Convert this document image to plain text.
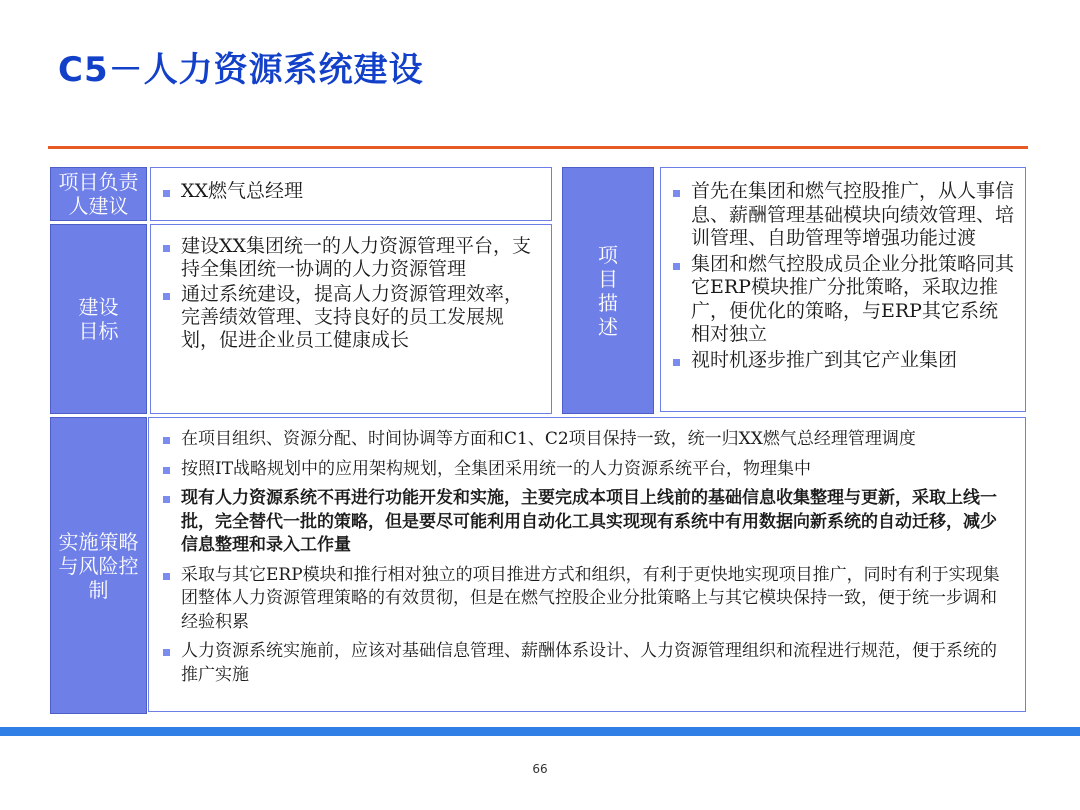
C5－人力资源系统建设
项目负责人建议
XX燃气总经理
建设目标
建设XX集团统一的人力资源管理平台，支持全集团统一协调的人力资源管理
通过系统建设，提高人力资源管理效率，完善绩效管理、支持良好的员工发展规划，促进企业员工健康成长
项目描述
首先在集团和燃气控股推广，从人事信息、薪酬管理基础模块向绩效管理、培训管理、自助管理等增强功能过渡
集团和燃气控股成员企业分批策略同其它ERP模块推广分批策略，采取边推广，便优化的策略，与ERP其它系统相对独立
视时机逐步推广到其它产业集团
实施策略与风险控制
在项目组织、资源分配、时间协调等方面和C1、C2项目保持一致，统一归XX燃气总经理管理调度
按照IT战略规划中的应用架构规划，全集团采用统一的人力资源系统平台，物理集中
现有人力资源系统不再进行功能开发和实施，主要完成本项目上线前的基础信息收集整理与更新，采取上线一批，完全替代一批的策略，但是要尽可能利用自动化工具实现现有系统中有用数据向新系统的自动迁移，减少信息整理和录入工作量
采取与其它ERP模块和推行相对独立的项目推进方式和组织，有利于更快地实现项目推广，同时有利于实现集团整体人力资源管理策略的有效贯彻，但是在燃气控股企业分批策略上与其它模块保持一致，便于统一步调和经验积累
人力资源系统实施前，应该对基础信息管理、薪酬体系设计、人力资源管理组织和流程进行规范，便于系统的推广实施
66
